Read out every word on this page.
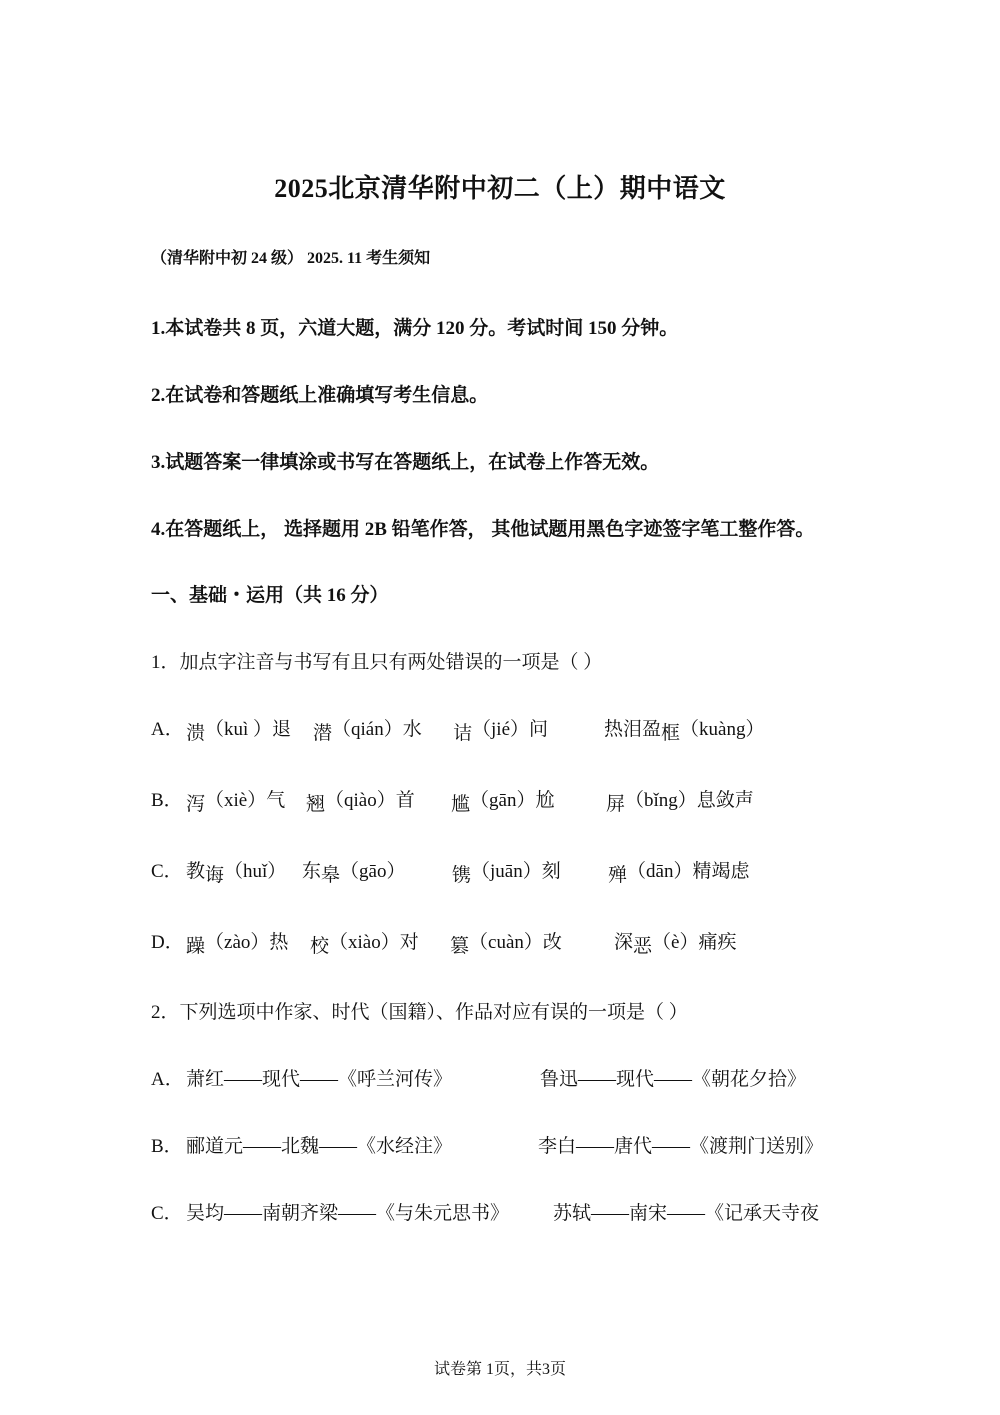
2025北京清华附中初二（上）期中语文
（清华附中初 24 级） 2025. 11 考生须知
1.本试卷共 8 页，六道大题，满分 120 分。考试时间 150 分钟。
2.在试卷和答题纸上准确填写考生信息。
3.试题答案一律填涂或书写在答题纸上，在试卷上作答无效。
4.在答题纸上， 选择题用 2B 铅笔作答， 其他试题用黑色字迹签字笔工整作答。
一、基础・运用（共 16 分）
1．加点字注音与书写有且只有两处错误的一项是（ ）
A． 溃（kuì ）退 潜（qián）水 诘（jié）问	热泪盈框（kuàng）
B． 泻（xiè）气 翘（qiào）首 尴（gān）尬	屏（bǐng）息敛声
C． 教诲（huǐ） 东皋（gāo） 镌（juān）刻 殚（dān）精竭虑
D． 躁（zào）热 校（xiào）对 篡（cuàn）改	深恶（è）痛疾
2．下列选项中作家、时代（国籍）、作品对应有误的一项是（ ）
A． 萧红——现代——《呼兰河传》	鲁迅——现代——《朝花夕拾》
B． 郦道元——北魏——《水经注》	李白——唐代——《渡荆门送别》
C． 吴均——南朝齐梁——《与朱元思书》 苏轼——南宋——《记承天寺夜
试卷第 1页，共3页
